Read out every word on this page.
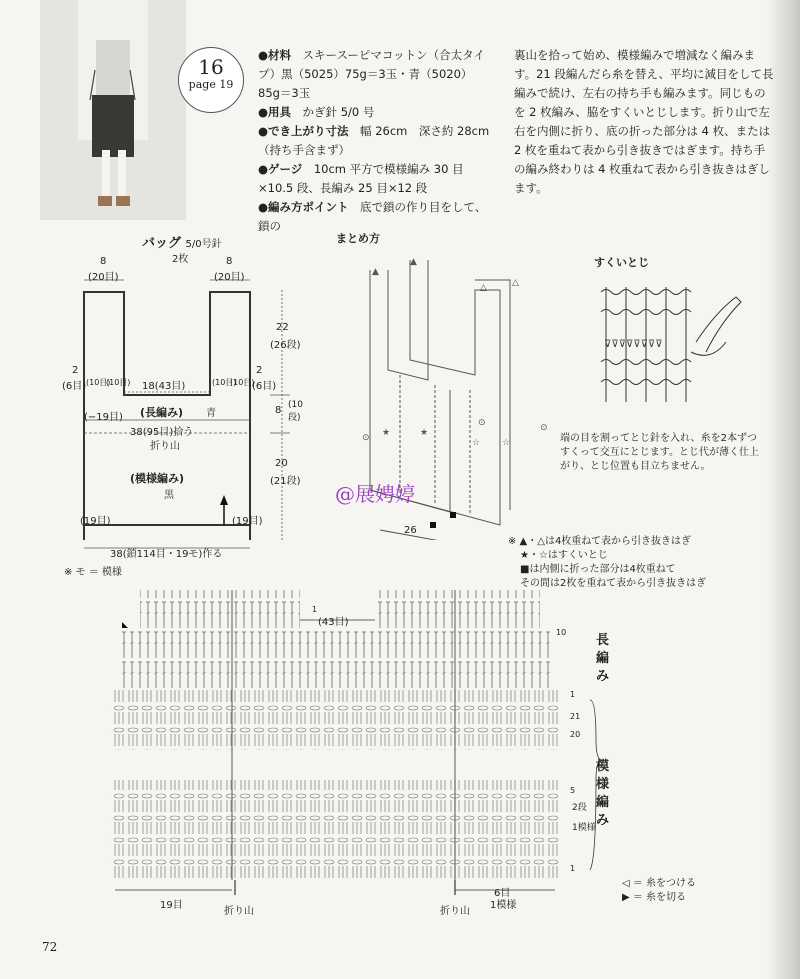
16
page 19

●材料　 スキースーピマコットン（合太タイプ）黒（5025）75g＝3玉・青（5020）85g＝3玉

●用具　 かぎ針 5/0 号

●でき上がり寸法　 幅 26cm　深さ約 28cm（持ち手含まず）

●ゲージ　 10cm 平方で模様編み 30 目×10.5 段、長編み 25 目×12 段

●編み方ポイント　 底で鎖の作り目をして、鎖の

裏山を拾って始め、模様編みで増減なく編みます。21 段編んだら糸を替え、平均に減目をして長編みで続け、左右の持ち手も編みます。同じものを 2 枚編み、脇をすくいとじします。折り山で左右を内側に折り、底の折った部分は 4 枚、または 2 枚を重ねて表から引き抜きではぎます。持ち手の編み終わりは 4 枚重ねて表から引き抜きはぎします。

バッグ 5/0号針
2枚
8
(20目)
8
(20目)
22
(26段)
2
(6目) (10目)
(10目) 18(43目)	(10目)
(10目)
2
(6目)
(長編み) 青
(−19目)
38(95目)拾う
8 (10段)
折り山
(模様編み)
黒
20
(21段)
(19目)	(19目)
38(鎖114目・19モ)作る
※ モ ＝ 模様
まとめ方
★	★
☆ ☆
⊙
⊙	⊙
▲
▲
△	△
26
※ ▲・△は4枚重ねて表から引き抜きはぎ
★・☆はすくいとじ
■は内側に折った部分は4枚重ねて
その間は2枚を重ねて表から引き抜きはぎ
すくいとじ
⊽⊽⊽⊽⊽⊽⊽⊽
端の目を割ってとじ針を入れ、糸を2本ずつすくって交互にとじます。とじ代が薄く仕上がり、とじ位置も目立ちません。
@展娉婷
(43目)
1
10
長編み
1
21
20
5
1
模様編み
2段
1模様
19目
折り山	折り山
6目
1模様
◁ ＝ 糸をつける
▶ ＝ 糸を切る
72
